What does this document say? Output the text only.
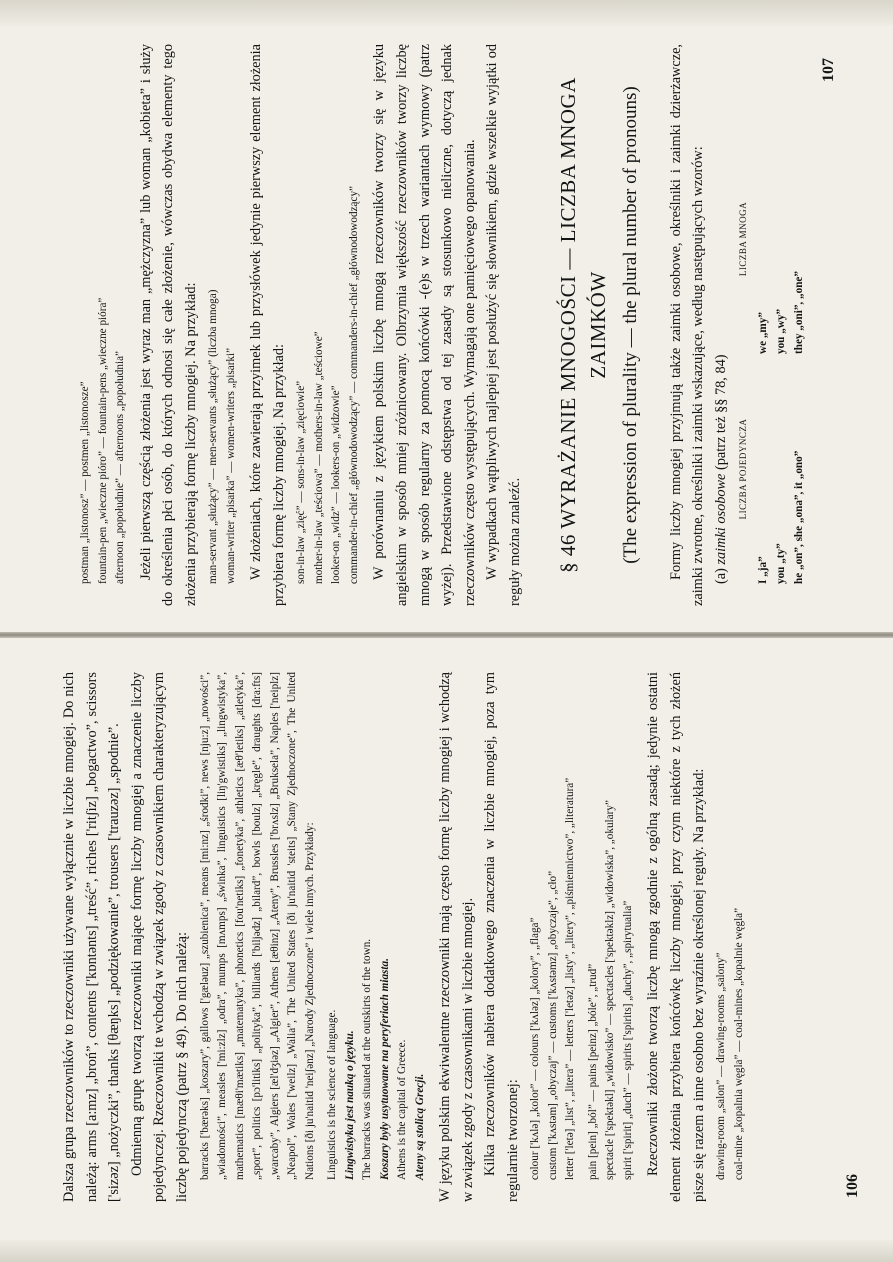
Dalsza grupa rzeczowników to rzeczowniki używane wyłącznie w liczbie mnogiej. Do nich należą: arms [a:mz] „broń”, contents ['kɒntənts] „treść”, riches ['ritʃiz] „bogactwo”, scissors ['sizəz] „nożyczki”, thanks [θæŋks] „podziękowanie”, trousers ['trauzəz] „spodnie”. Odmienną grupę tworzą rzeczowniki mające formę liczby mnogiej a znaczenie liczby pojedynczej. Rzeczowniki te wchodzą w związek zgody z czasownikiem charakteryzującym liczbę pojedynczą (patrz § 49). Do nich należą: barracks ['bærəks] „koszary”, gallows ['gæləuz] „szubienica”, means [mi:nz] „środki”, news [nju:z] „nowości”, „wiadomości”, measles ['mi:zlz] „odra”, mumps [mʌmps] „świnka”, linguistics [liŋ'gwistiks] „lingwistyka”, mathematics [mæθi'mætiks] „matematyka”, phonetics [fou'netiks] „fonetyka”, athletics [æθ'letiks] „atletyka”, „sport”, politics [pɔ'litiks] „polityka”, billiards ['biljədz] „bilard”, bowls [boulz] „kręgle”, draughts [dra:fts] „warcaby”, Algiers [æl'dʒiəz] „Algier”, Athens [æθinz] „Ateny”, Brussles ['brʌslz] „Bruksela”, Naples ['neiplz] „Neapol”, Wales ['weilz] „Walia”, The United States [ði ju'naitid 'steits] „Stany Zjednoczone”, The United Nations [ði ju'naitid 'neiʃənz] „Narody Zjednoczone” i wiele innych. Przykłady: Linguistics is the science of language. Lingwistyka jest nauką o języku. The barracks was situated at the outskirts of the town. Koszary były usytuowane na peryferiach miasta. Athens is the capital of Greece. Ateny są stolicą Grecji. W języku polskim ekwiwalentne rzeczowniki mają często formę liczby mnogiej i wchodzą w związek zgody z czasownikami w liczbie mnogiej. Kilka rzeczowników nabiera dodatkowego znaczenia w liczbie mnogiej, poza tym regularnie tworzonej: colour ['kʌlə] „kolor” — colours ['kʌləz] „kolory”, „flaga” custom ['kʌstəm] „obyczaj” — customs ['kʌstəmz] „obyczaje”, „cło” letter ['letə] „list”, „litera” — letters ['letəz] „listy”, „litery”, „piśmiennictwo”, „literatura” pain [pein] „ból” — pains [peinz] „bóle”, „trud” spectacle ['spektəkl] „widowisko” — spectacles ['spektəklz] „widowiska”, „okulary” spirit ['spirit] „duch” — spirits ['spirits] „duchy”, „spirytualia” Rzeczowniki złożone tworzą liczbę mnogą zgodnie z ogólną zasadą; jedynie ostatni element złożenia przybiera końcówkę liczby mnogiej, przy czym niektóre z tych złożeń pisze się razem a inne osobno bez wyraźnie określonej reguły. Na przykład: drawing-room „salon” — drawing-rooms „salony” coal-mine „kopalnia węgla” — coal-mines „kopalnie węgla”
106
postman „listonosz” — postmen „listonosze” fountain-pen „wieczne pióro” — fountain-pens „wieczne pióra” afternoon „popołudnie” — afternoons „popołudnia” Jeżeli pierwszą częścią złożenia jest wyraz man „mężczyzna” lub woman „kobieta” i służy do określenia płci osób, do których odnosi się całe złożenie, wówczas obydwa elementy tego złożenia przybierają formę liczby mnogiej. Na przykład: man-servant „służący” — men-servants „służący” (liczba mnoga) woman-writer „pisarka” — women-writers „pisarki” W złożeniach, które zawierają przyimek lub przysłówek jedynie pierwszy element złożenia przybiera formę liczby mnogiej. Na przykład: son-in-law „zięć” — sons-in-law „zięciowie” mother-in-law „teściowa” — mothers-in-law „teściowe” looker-on „widz” — lookers-on „widzowie” commander-in-chief „głównodowodzący” — commanders-in-chief „głównodowodzący” W porównaniu z językiem polskim liczbę mnogą rzeczowników tworzy się w języku angielskim w sposób mniej zróżnicowany. Olbrzymia większość rzeczowników tworzy liczbę mnogą w sposób regularny za pomocą końcówki -(e)s w trzech wariantach wymowy (patrz wyżej). Przedstawione odstępstwa od tej zasady są stosunkowo nieliczne, dotyczą jednak rzeczowników często występujących. Wymagają one pamięciowego opanowania. W wypadkach wątpliwych najlepiej jest posłużyć się słownikiem, gdzie wszelkie wyjątki od reguły można znaleźć. § 46 WYRAŻANIE MNOGOŚCI — LICZBA MNOGA ZAIMKÓW (The expression of plurality — the plural number of pronouns) Formy liczby mnogiej przyjmują także zaimki osobowe, określniki i zaimki dzierżawcze, zaimki zwrotne, określniki i zaimki wskazujące, według następujących wzorów: (a) zaimki osobowe (patrz też §§ 78, 84)	LICZBA POJEDYNCZA
I „ja” you „ty” he „on”, she „ona”, it „ono”
LICZBA MNOGA
we „my” you „wy” they „oni”, „one”
107
